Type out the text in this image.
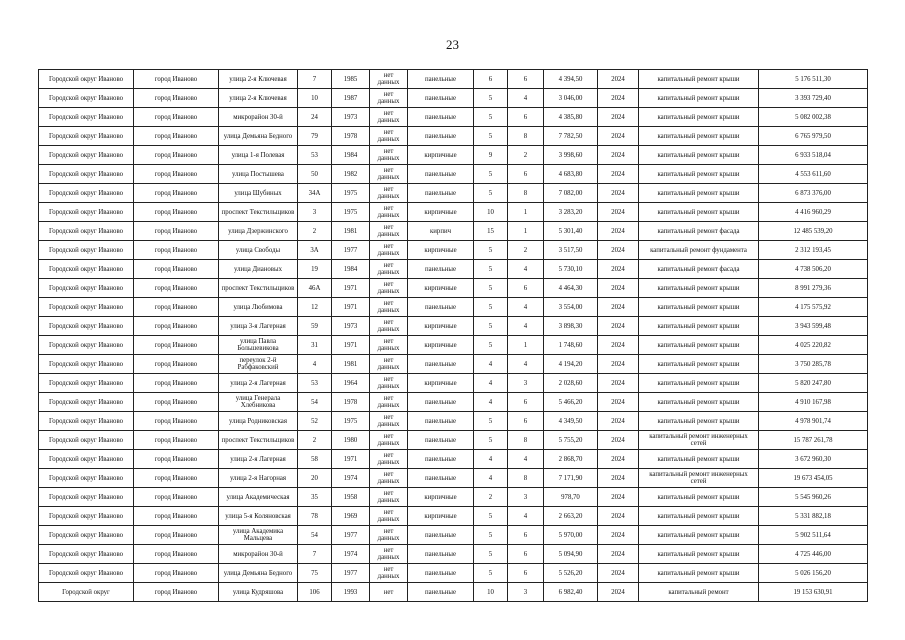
23
Городской округ Иваново	город Иваново	улица 2-я Ключевая	7	1985	нет данных	панельные	6	6	4 394,50	2024	капитальный ремонт крыши	5 176 511,30
Городской округ Иваново	город Иваново	улица 2-я Ключевая	10	1987	нет данных	панельные	5	4	3 046,00	2024	капитальный ремонт крыши	3 393 729,40
Городской округ Иваново	город Иваново	микрорайон 30-й	24	1973	нет данных	панельные	5	6	4 385,80	2024	капитальный ремонт крыши	5 082 002,38
Городской округ Иваново	город Иваново	улица Демьяна Бедного	79	1978	нет данных	панельные	5	8	7 782,50	2024	капитальный ремонт крыши	6 765 979,50
Городской округ Иваново	город Иваново	улица 1-я Полевая	53	1984	нет данных	кирпичные	9	2	3 998,60	2024	капитальный ремонт крыши	6 933 518,04
Городской округ Иваново	город Иваново	улица Постышева	50	1982	нет данных	панельные	5	6	4 683,80	2024	капитальный ремонт крыши	4 553 611,60
Городской округ Иваново	город Иваново	улица Шубиных	34А	1975	нет данных	панельные	5	8	7 082,00	2024	капитальный ремонт крыши	6 873 376,00
Городской округ Иваново	город Иваново	проспект Текстильщиков	3	1975	нет данных	кирпичные	10	1	3 283,20	2024	капитальный ремонт крыши	4 416 960,29
Городской округ Иваново	город Иваново	улица Дзержинского	2	1981	нет данных	кирпич	15	1	5 301,40	2024	капитальный ремонт фасада	12 485 539,20
Городской округ Иваново	город Иваново	улица Свободы	3А	1977	нет данных	кирпичные	5	2	3 517,50	2024	капитальный ремонт фундамента	2 312 193,45
Городской округ Иваново	город Иваново	улица Диановых	19	1984	нет данных	панельные	5	4	5 730,10	2024	капитальный ремонт фасада	4 738 506,20
Городской округ Иваново	город Иваново	проспект Текстильщиков	46А	1971	нет данных	кирпичные	5	6	4 464,30	2024	капитальный ремонт крыши	8 991 279,36
Городской округ Иваново	город Иваново	улица Любимова	12	1971	нет данных	панельные	5	4	3 554,00	2024	капитальный ремонт крыши	4 175 575,92
Городской округ Иваново	город Иваново	улица 3-я Лагерная	59	1973	нет данных	кирпичные	5	4	3 898,30	2024	капитальный ремонт крыши	3 943 599,48
Городской округ Иваново	город Иваново	улица Павла Большевикова	31	1971	нет данных	кирпичные	5	1	1 748,60	2024	капитальный ремонт крыши	4 025 220,82
Городской округ Иваново	город Иваново	переулок 2-й Рабфаковский	4	1981	нет данных	панельные	4	4	4 194,20	2024	капитальный ремонт крыши	3 750 285,78
Городской округ Иваново	город Иваново	улица 2-я Лагерная	53	1964	нет данных	кирпичные	4	3	2 028,60	2024	капитальный ремонт крыши	5 820 247,80
Городской округ Иваново	город Иваново	улица Генерала Хлебникова	54	1978	нет данных	панельные	4	6	5 466,20	2024	капитальный ремонт крыши	4 910 167,98
Городской округ Иваново	город Иваново	улица Родниковская	52	1975	нет данных	панельные	5	6	4 349,50	2024	капитальный ремонт крыши	4 978 901,74
Городской округ Иваново	город Иваново	проспект Текстильщиков	2	1980	нет данных	панельные	5	8	5 755,20	2024	капитальный ремонт инженерных сетей	15 787 261,78
Городской округ Иваново	город Иваново	улица 2-я Лагерная	58	1971	нет данных	панельные	4	4	2 868,70	2024	капитальный ремонт крыши	3 672 960,30
Городской округ Иваново	город Иваново	улица 2-я Нагорная	20	1974	нет данных	панельные	4	8	7 171,90	2024	капитальный ремонт инженерных сетей	19 673 454,05
Городской округ Иваново	город Иваново	улица Академическая	35	1958	нет данных	кирпичные	2	3	978,70	2024	капитальный ремонт крыши	5 545 960,26
Городской округ Иваново	город Иваново	улица 5-я Коляновская	78	1969	нет данных	кирпичные	5	4	2 663,20	2024	капитальный ремонт крыши	5 331 882,18
Городской округ Иваново	город Иваново	улица Академика Мальцева	54	1977	нет данных	панельные	5	6	5 970,00	2024	капитальный ремонт крыши	5 902 511,64
Городской округ Иваново	город Иваново	микрорайон 30-й	7	1974	нет данных	панельные	5	6	5 094,90	2024	капитальный ремонт крыши	4 725 446,00
Городской округ Иваново	город Иваново	улица Демьяна Бедного	75	1977	нет данных	панельные	5	6	5 526,20	2024	капитальный ремонт крыши	5 026 156,20
Городской округ	город Иваново	улица Кудряшова	106	1993	нет	панельные	10	3	6 982,40	2024	капитальный ремонт	19 153 630,91
